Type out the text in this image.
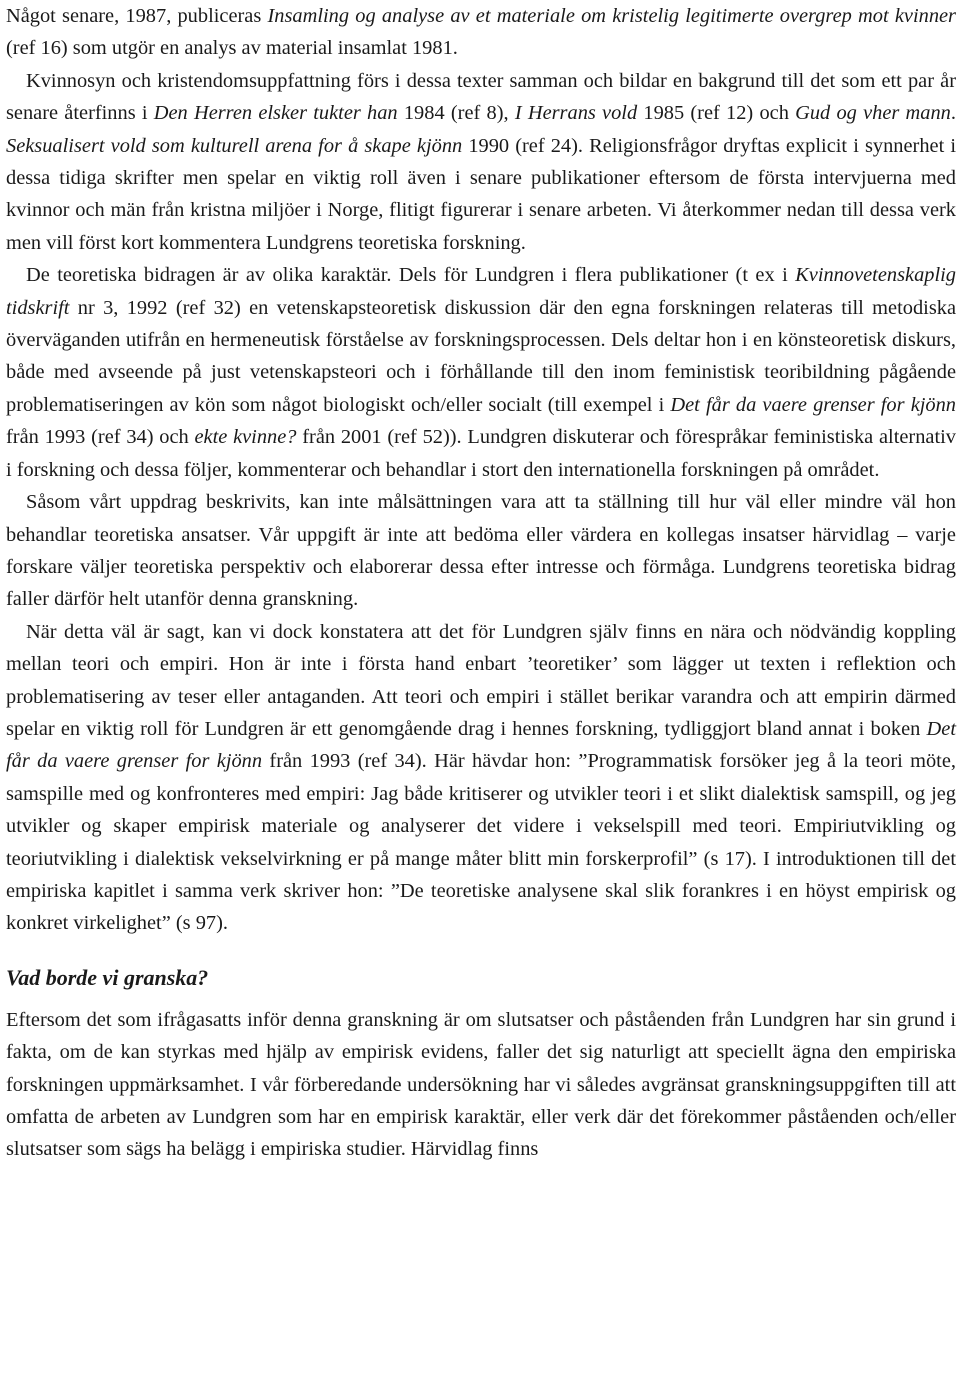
Något senare, 1987, publiceras Insamling og analyse av et materiale om kristelig legitimerte overgrep mot kvinner (ref 16) som utgör en analys av material insamlat 1981.

Kvinnosyn och kristendomsuppfattning förs i dessa texter samman och bildar en bakgrund till det som ett par år senare återfinns i Den Herren elsker tukter han 1984 (ref 8), I Herrans vold 1985 (ref 12) och Gud og vher mann. Seksualisert vold som kulturell arena for å skape kjönn 1990 (ref 24). Religionsfrågor dryftas explicit i synnerhet i dessa tidiga skrifter men spelar en viktig roll även i senare publikationer eftersom de första intervjuerna med kvinnor och män från kristna miljöer i Norge, flitigt figurerar i senare arbeten. Vi återkommer nedan till dessa verk men vill först kort kommentera Lundgrens teoretiska forskning.

De teoretiska bidragen är av olika karaktär. Dels för Lundgren i flera publikationer (t ex i Kvinnovetenskaplig tidskrift nr 3, 1992 (ref 32) en vetenskapsteoretisk diskussion där den egna forskningen relateras till metodiska överväganden utifrån en hermeneutisk förståelse av forskningsprocessen. Dels deltar hon i en könsteoretisk diskurs, både med avseende på just vetenskapsteori och i förhållande till den inom feministisk teoribildning pågående problematiseringen av kön som något biologiskt och/eller socialt (till exempel i Det får da vaere grenser for kjönn från 1993 (ref 34) och ekte kvinne? från 2001 (ref 52)). Lundgren diskuterar och förespråkar feministiska alternativ i forskning och dessa följer, kommenterar och behandlar i stort den internationella forskningen på området.

Såsom vårt uppdrag beskrivits, kan inte målsättningen vara att ta ställning till hur väl eller mindre väl hon behandlar teoretiska ansatser. Vår uppgift är inte att bedöma eller värdera en kollegas insatser härvidlag – varje forskare väljer teoretiska perspektiv och elaborerar dessa efter intresse och förmåga. Lundgrens teoretiska bidrag faller därför helt utanför denna granskning.

När detta väl är sagt, kan vi dock konstatera att det för Lundgren själv finns en nära och nödvändig koppling mellan teori och empiri. Hon är inte i första hand enbart ’teoretiker’ som lägger ut texten i reflektion och problematisering av teser eller antaganden. Att teori och empiri i stället berikar varandra och att empirin därmed spelar en viktig roll för Lundgren är ett genomgående drag i hennes forskning, tydliggjort bland annat i boken Det får da vaere grenser for kjönn från 1993 (ref 34). Här hävdar hon: ”Programmatisk forsöker jeg å la teori möte, samspille med og konfronteres med empiri: Jag både kritiserer og utvikler teori i et slikt dialektisk samspill, og jeg utvikler og skaper empirisk materiale og analyserer det videre i vekselspill med teori. Empiriutvikling og teoriutvikling i dialektisk vekselvirkning er på mange måter blitt min forskerprofil” (s 17). I introduktionen till det empiriska kapitlet i samma verk skriver hon: ”De teoretiske analysene skal slik forankres i en höyst empirisk og konkret virkelighet” (s 97).

Vad borde vi granska?

Eftersom det som ifrågasatts inför denna granskning är om slutsatser och påståenden från Lundgren har sin grund i fakta, om de kan styrkas med hjälp av empirisk evidens, faller det sig naturligt att speciellt ägna den empiriska forskningen uppmärksamhet. I vår förberedande undersökning har vi således avgränsat granskningsuppgiften till att omfatta de arbeten av Lundgren som har en empirisk karaktär, eller verk där det förekommer påståenden och/eller slutsatser som sägs ha belägg i empiriska studier. Härvidlag finns
